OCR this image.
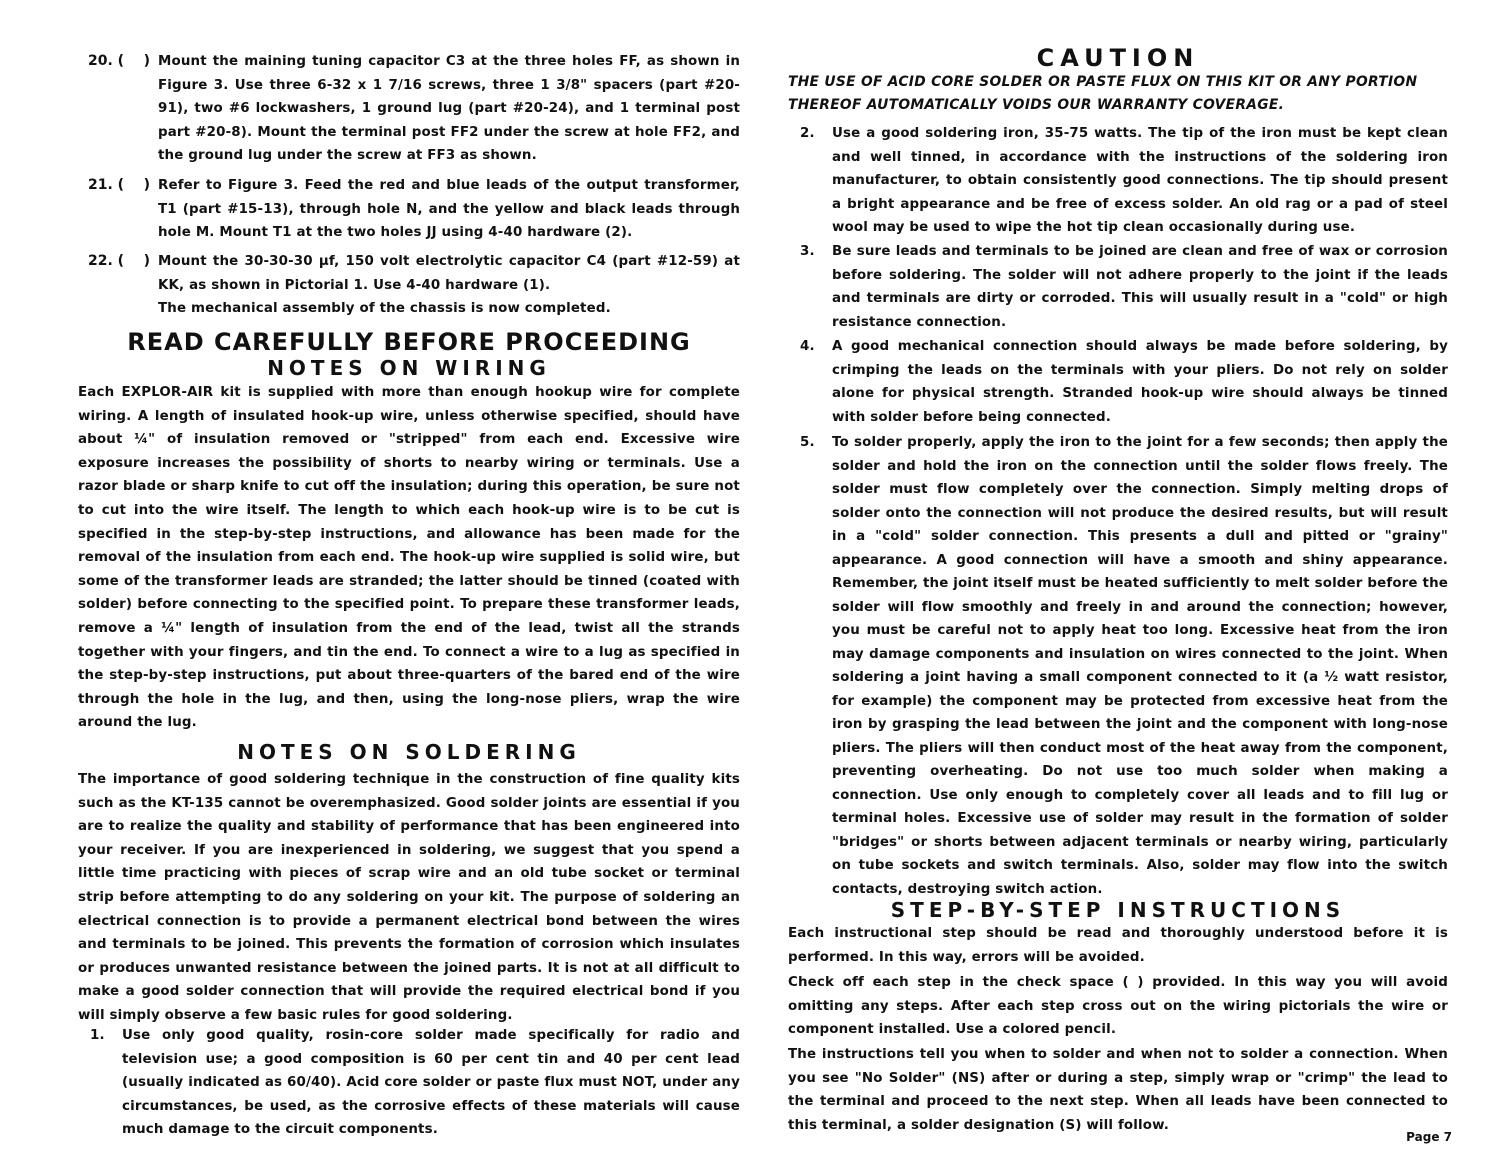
20. (    ) Mount the maining tuning capacitor C3 at the three holes FF, as shown in Figure 3. Use three 6-32 x 1 7/16 screws, three 1 3/8" spacers (part #20-91), two #6 lockwashers, 1 ground lug (part #20-24), and 1 terminal post part #20-8). Mount the terminal post FF2 under the screw at hole FF2, and the ground lug under the screw at FF3 as shown.
21. (    ) Refer to Figure 3. Feed the red and blue leads of the output transformer, T1 (part #15-13), through hole N, and the yellow and black leads through hole M. Mount T1 at the two holes JJ using 4-40 hardware (2).
22. (    ) Mount the 30-30-30 μf, 150 volt electrolytic capacitor C4 (part #12-59) at KK, as shown in Pictorial 1. Use 4-40 hardware (1).
The mechanical assembly of the chassis is now completed.
READ CAREFULLY BEFORE PROCEEDING
NOTES ON WIRING
Each EXPLOR-AIR kit is supplied with more than enough hookup wire for complete wiring. A length of insulated hook-up wire, unless otherwise specified, should have about ¼" of insulation removed or "stripped" from each end. Excessive wire exposure increases the possibility of shorts to nearby wiring or terminals. Use a razor blade or sharp knife to cut off the insulation; during this operation, be sure not to cut into the wire itself. The length to which each hook-up wire is to be cut is specified in the step-by-step instructions, and allowance has been made for the removal of the insulation from each end. The hook-up wire supplied is solid wire, but some of the transformer leads are stranded; the latter should be tinned (coated with solder) before connecting to the specified point. To prepare these transformer leads, remove a ¼" length of insulation from the end of the lead, twist all the strands together with your fingers, and tin the end. To connect a wire to a lug as specified in the step-by-step instructions, put about three-quarters of the bared end of the wire through the hole in the lug, and then, using the long-nose pliers, wrap the wire around the lug.
NOTES ON SOLDERING
The importance of good soldering technique in the construction of fine quality kits such as the KT-135 cannot be overemphasized. Good solder joints are essential if you are to realize the quality and stability of performance that has been engineered into your receiver. If you are inexperienced in soldering, we suggest that you spend a little time practicing with pieces of scrap wire and an old tube socket or terminal strip before attempting to do any soldering on your kit. The purpose of soldering an electrical connection is to provide a permanent electrical bond between the wires and terminals to be joined. This prevents the formation of corrosion which insulates or produces unwanted resistance between the joined parts. It is not at all difficult to make a good solder connection that will provide the required electrical bond if you will simply observe a few basic rules for good soldering.
1. Use only good quality, rosin-core solder made specifically for radio and television use; a good composition is 60 per cent tin and 40 per cent lead (usually indicated as 60/40). Acid core solder or paste flux must NOT, under any circumstances, be used, as the corrosive effects of these materials will cause much damage to the circuit components.
CAUTION
THE USE OF ACID CORE SOLDER OR PASTE FLUX ON THIS KIT OR ANY PORTION THEREOF AUTOMATICALLY VOIDS OUR WARRANTY COVERAGE.
2. Use a good soldering iron, 35-75 watts. The tip of the iron must be kept clean and well tinned, in accordance with the instructions of the soldering iron manufacturer, to obtain consistently good connections. The tip should present a bright appearance and be free of excess solder. An old rag or a pad of steel wool may be used to wipe the hot tip clean occasionally during use.
3. Be sure leads and terminals to be joined are clean and free of wax or corrosion before soldering. The solder will not adhere properly to the joint if the leads and terminals are dirty or corroded. This will usually result in a "cold" or high resistance connection.
4. A good mechanical connection should always be made before soldering, by crimping the leads on the terminals with your pliers. Do not rely on solder alone for physical strength. Stranded hook-up wire should always be tinned with solder before being connected.
5. To solder properly, apply the iron to the joint for a few seconds; then apply the solder and hold the iron on the connection until the solder flows freely. The solder must flow completely over the connection. Simply melting drops of solder onto the connection will not produce the desired results, but will result in a "cold" solder connection. This presents a dull and pitted or "grainy" appearance. A good connection will have a smooth and shiny appearance. Remember, the joint itself must be heated sufficiently to melt solder before the solder will flow smoothly and freely in and around the connection; however, you must be careful not to apply heat too long. Excessive heat from the iron may damage components and insulation on wires connected to the joint. When soldering a joint having a small component connected to it (a ½ watt resistor, for example) the component may be protected from excessive heat from the iron by grasping the lead between the joint and the component with long-nose pliers. The pliers will then conduct most of the heat away from the component, preventing overheating. Do not use too much solder when making a connection. Use only enough to completely cover all leads and to fill lug or terminal holes. Excessive use of solder may result in the formation of solder "bridges" or shorts between adjacent terminals or nearby wiring, particularly on tube sockets and switch terminals. Also, solder may flow into the switch contacts, destroying switch action.
STEP-BY-STEP INSTRUCTIONS
Each instructional step should be read and thoroughly understood before it is performed. In this way, errors will be avoided.
Check off each step in the check space ( ) provided. In this way you will avoid omitting any steps. After each step cross out on the wiring pictorials the wire or component installed. Use a colored pencil.
The instructions tell you when to solder and when not to solder a connection. When you see "No Solder" (NS) after or during a step, simply wrap or "crimp" the lead to the terminal and proceed to the next step. When all leads have been connected to this terminal, a solder designation (S) will follow.
Page 7
